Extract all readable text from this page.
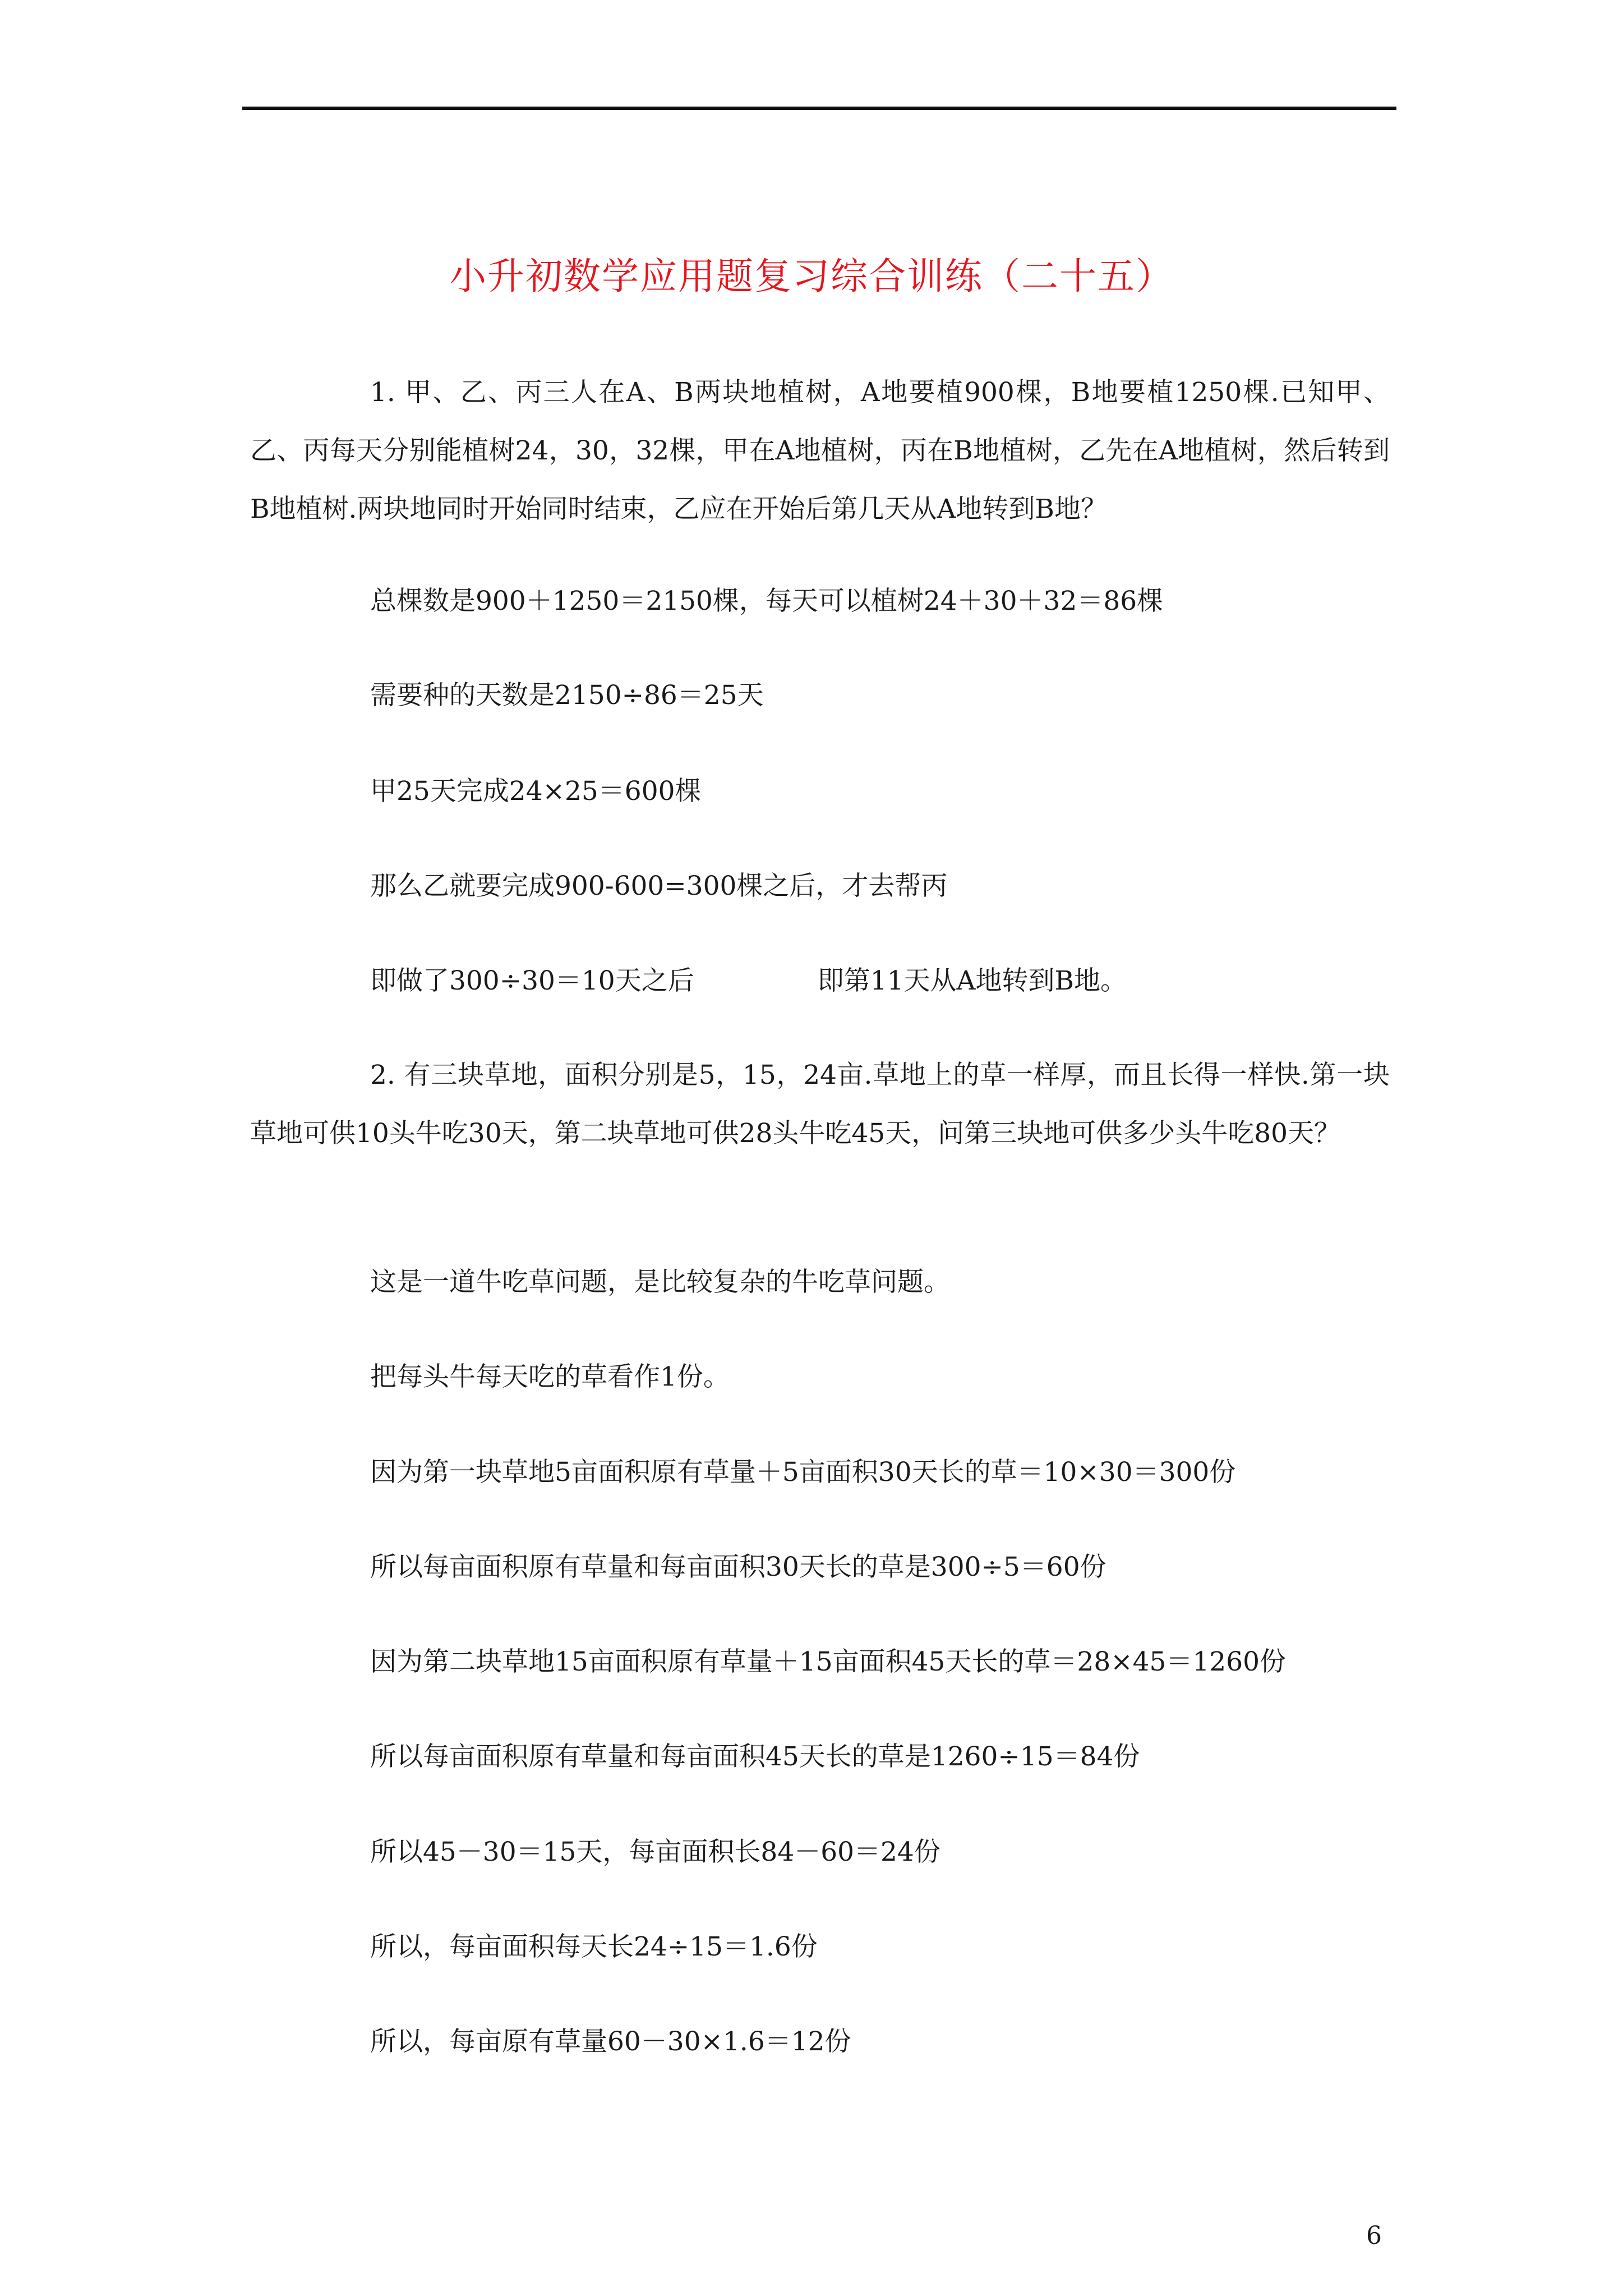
小升初数学应用题复习综合训练（二十五）
1. 甲、乙、丙三人在A、B两块地植树，A地要植900棵，B地要植1250棵.已知甲、乙、丙每天分别能植树24，30，32棵，甲在A地植树，丙在B地植树，乙先在A地植树，然后转到B地植树.两块地同时开始同时结束，乙应在开始后第几天从A地转到B地？
总棵数是900＋1250＝2150棵，每天可以植树24＋30＋32＝86棵
需要种的天数是2150÷86＝25天
甲25天完成24×25＝600棵
那么乙就要完成900-600=300棵之后，才去帮丙
即做了300÷30＝10天之后	即第11天从A地转到B地。
2. 有三块草地，面积分别是5，15，24亩.草地上的草一样厚，而且长得一样快.第一块草地可供10头牛吃30天，第二块草地可供28头牛吃45天，问第三块地可供多少头牛吃80天？
这是一道牛吃草问题，是比较复杂的牛吃草问题。
把每头牛每天吃的草看作1份。
因为第一块草地5亩面积原有草量＋5亩面积30天长的草＝10×30＝300份
所以每亩面积原有草量和每亩面积30天长的草是300÷5＝60份
因为第二块草地15亩面积原有草量＋15亩面积45天长的草＝28×45＝1260份
所以每亩面积原有草量和每亩面积45天长的草是1260÷15＝84份
所以45－30＝15天，每亩面积长84－60＝24份
所以，每亩面积每天长24÷15＝1.6份
所以，每亩原有草量60－30×1.6＝12份
6
